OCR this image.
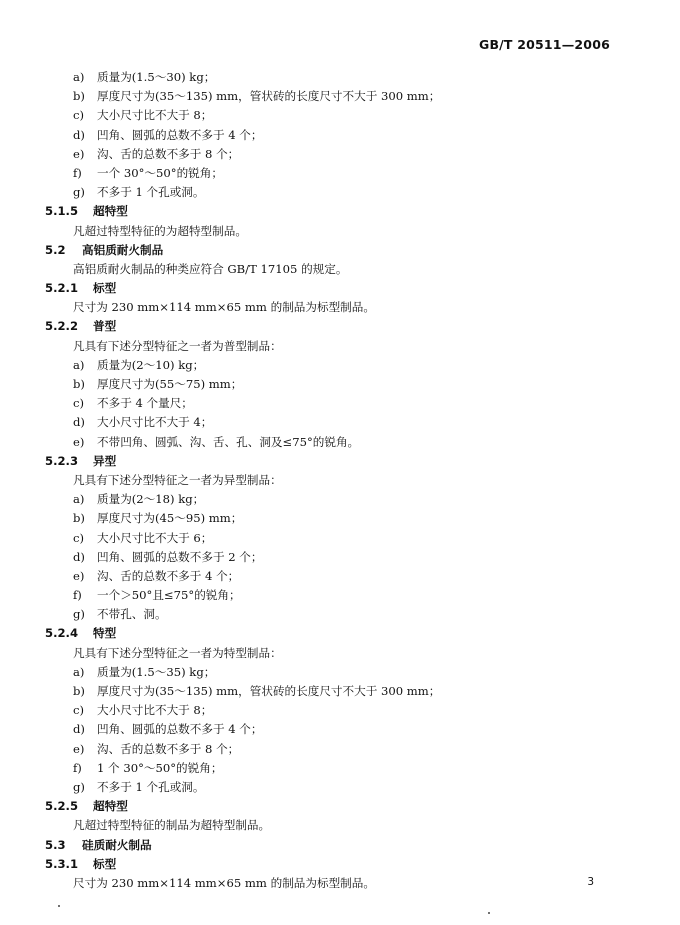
GB/T 20511—2006
a) 质量为(1.5～30) kg；
b) 厚度尺寸为(35～135) mm，管状砖的长度尺寸不大于 300 mm；
c) 大小尺寸比不大于 8；
d) 凹角、圆弧的总数不多于 4 个；
e) 沟、舌的总数不多于 8 个；
f) 一个 30°～50°的锐角；
g) 不多于 1 个孔或洞。
5.1.5 超特型
凡超过特型特征的为超特型制品。
5.2 高铝质耐火制品
高铝质耐火制品的种类应符合 GB/T 17105 的规定。
5.2.1 标型
尺寸为 230 mm×114 mm×65 mm 的制品为标型制品。
5.2.2 普型
凡具有下述分型特征之一者为普型制品：
a) 质量为(2～10) kg；
b) 厚度尺寸为(55～75) mm；
c) 不多于 4 个量尺；
d) 大小尺寸比不大于 4；
e) 不带凹角、圆弧、沟、舌、孔、洞及≤75°的锐角。
5.2.3 异型
凡具有下述分型特征之一者为异型制品：
a) 质量为(2～18) kg；
b) 厚度尺寸为(45～95) mm；
c) 大小尺寸比不大于 6；
d) 凹角、圆弧的总数不多于 2 个；
e) 沟、舌的总数不多于 4 个；
f) 一个＞50°且≤75°的锐角；
g) 不带孔、洞。
5.2.4 特型
凡具有下述分型特征之一者为特型制品：
a) 质量为(1.5～35) kg；
b) 厚度尺寸为(35～135) mm，管状砖的长度尺寸不大于 300 mm；
c) 大小尺寸比不大于 8；
d) 凹角、圆弧的总数不多于 4 个；
e) 沟、舌的总数不多于 8 个；
f) 1 个 30°～50°的锐角；
g) 不多于 1 个孔或洞。
5.2.5 超特型
凡超过特型特征的制品为超特型制品。
5.3 硅质耐火制品
5.3.1 标型
尺寸为 230 mm×114 mm×65 mm 的制品为标型制品。	3
